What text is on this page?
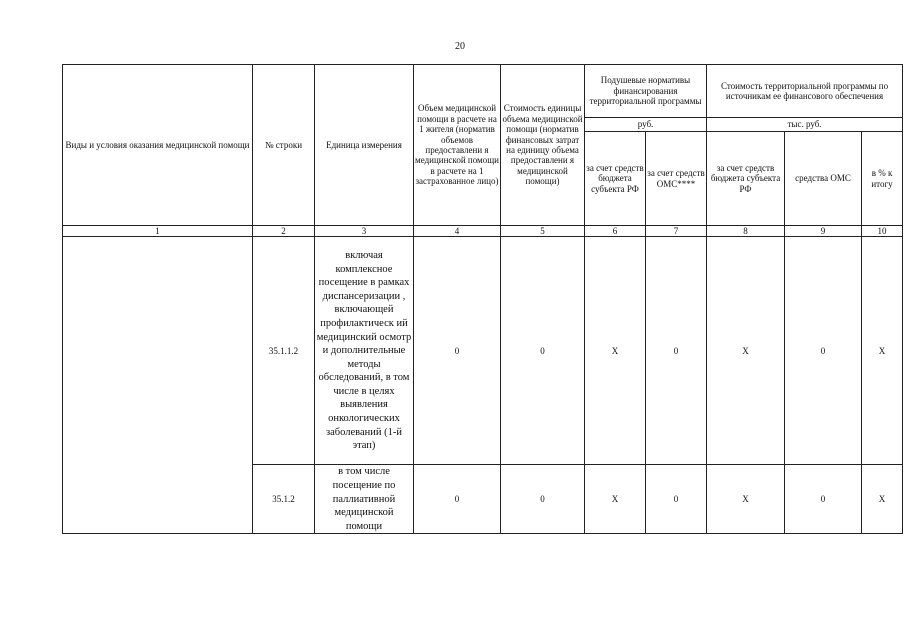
20
Виды и условия оказания медицинской помощи	№ строки	Единица измерения	Объем медицинской помощи в расчете на 1 жителя (норматив объемов предоставлени я медицинской помощи в расчете на 1 застрахованное лицо)	Стоимость единицы объема медицинской помощи (норматив финансовых затрат на единицу объема предоставлени я медицинской помощи)	Подушевые нормативы финансирования территориальной программы		Стоимость территориальной программы по источникам ее финансового обеспечения		
					руб.		тыс. руб.		
					за счет средств бюджета субъекта РФ	за счет средств ОМС****	за счет средств бюджета субъекта РФ	средства ОМС	в % к итогу
1	2	3	4	5	6	7	8	9	10
	35.1.1.2	включая комплексное посещение в рамках диспансеризации , включающей профилактическ ий медицинский осмотр и дополнительные методы обследований, в том числе в целях выявления онкологических заболеваний (1-й этап)	0	0	X	0	X	0	X
	35.1.2	в том числе посещение по паллиативной медицинской помощи	0	0	X	0	X	0	X
